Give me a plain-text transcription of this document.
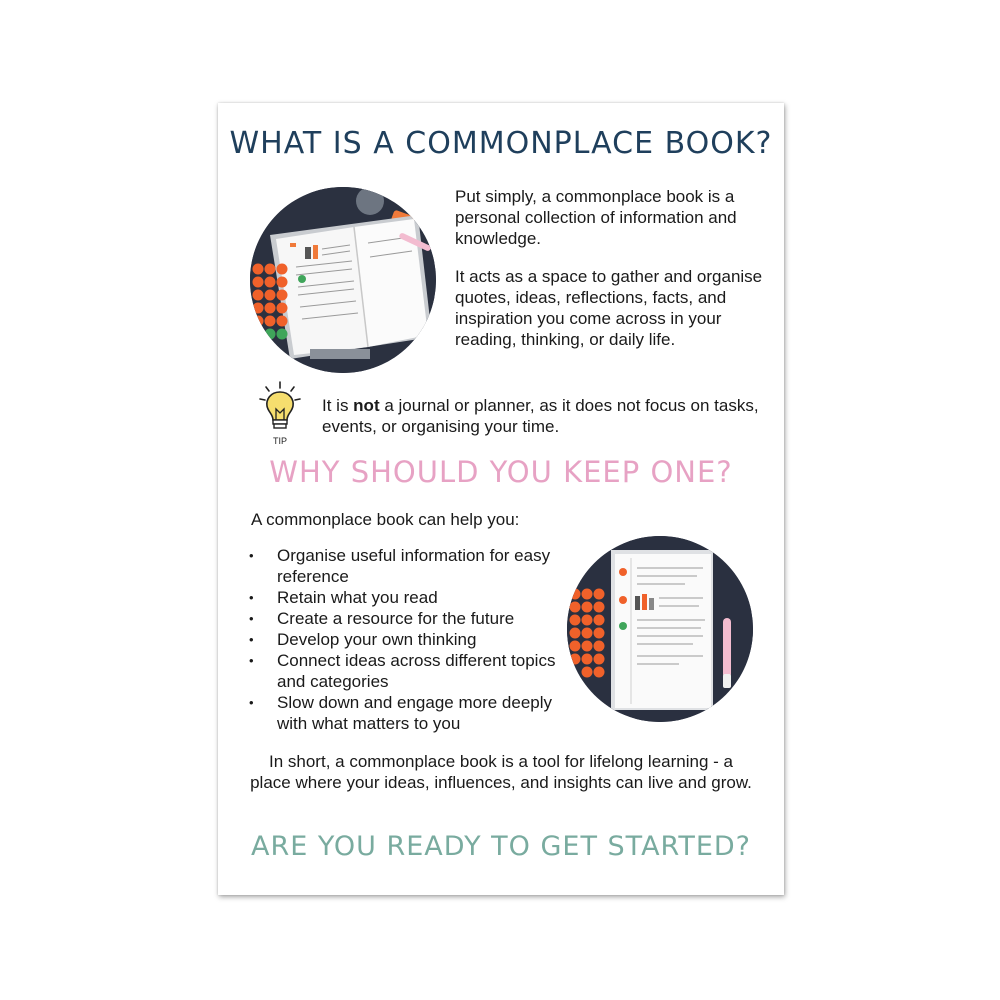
WHAT IS A COMMONPLACE BOOK?

Put simply, a commonplace book is a personal collection of information and knowledge.

It acts as a space to gather and organise quotes, ideas, reflections, facts, and inspiration you come across in your reading, thinking, or daily life.

TIP

It is not a journal or planner, as it does not focus on tasks, events, or organising your time.

WHY SHOULD YOU KEEP ONE?

A commonplace book can help you:

• Organise useful information for easy reference
• Retain what you read
• Create a resource for the future
• Develop your own thinking
• Connect ideas across different topics and categories
• Slow down and engage more deeply with what matters to you

In short, a commonplace book is a tool for lifelong learning - a place where your ideas, influences, and insights can live and grow.

ARE YOU READY TO GET STARTED?
